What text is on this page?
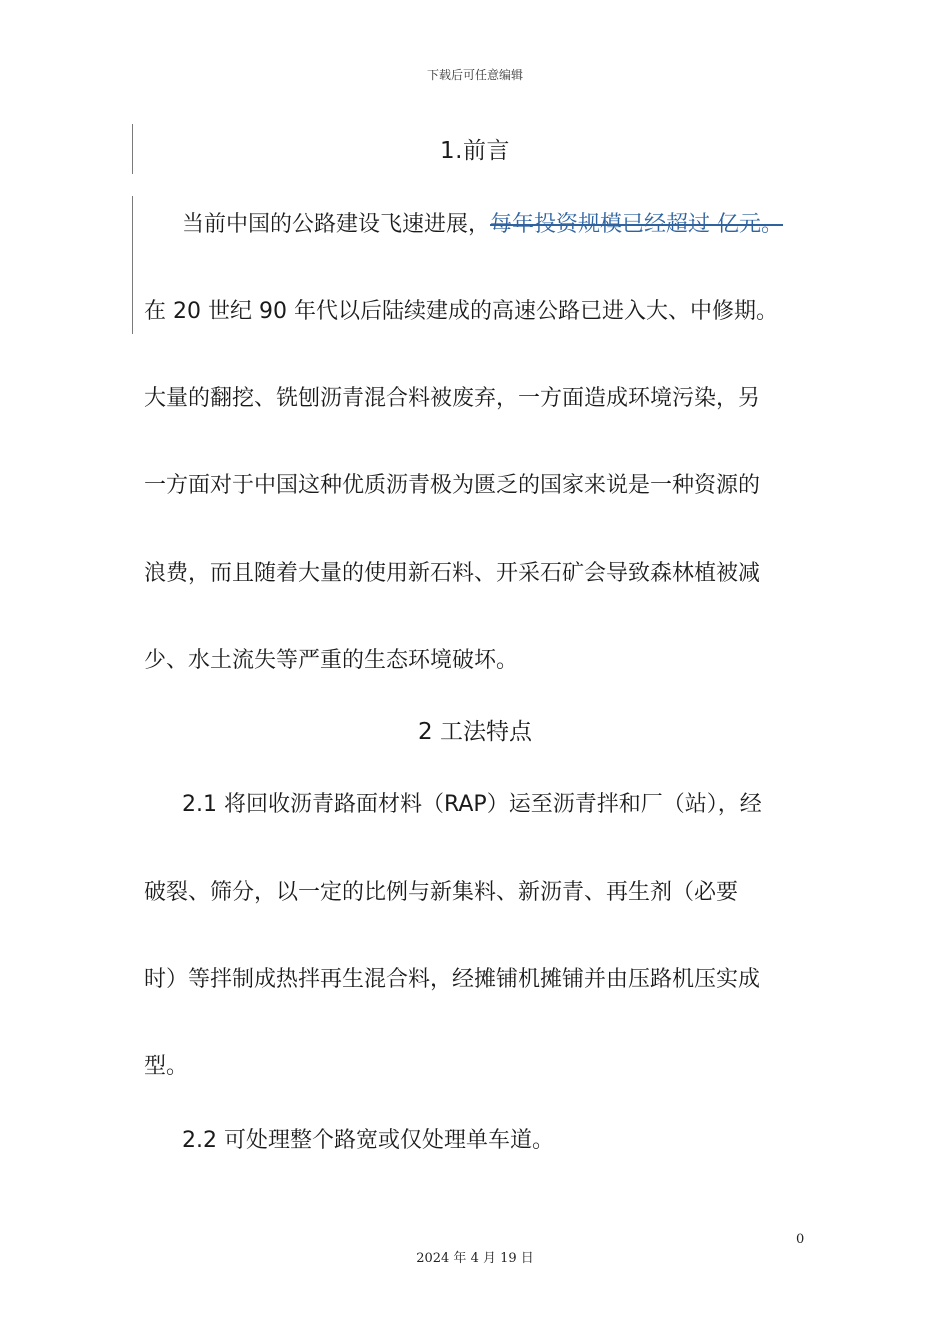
下载后可任意编辑
1.前言
当前中国的公路建设飞速进展，每年投资规模已经超过 亿元。
在 20 世纪 90 年代以后陆续建成的高速公路已进入大、中修期。
大量的翻挖、铣刨沥青混合料被废弃，一方面造成环境污染，另
一方面对于中国这种优质沥青极为匮乏的国家来说是一种资源的
浪费，而且随着大量的使用新石料、开采石矿会导致森林植被减
少、水土流失等严重的生态环境破坏。
2 工法特点
2.1 将回收沥青路面材料（RAP）运至沥青拌和厂（站），经
破裂、筛分，以一定的比例与新集料、新沥青、再生剂（必要
时）等拌制成热拌再生混合料，经摊铺机摊铺并由压路机压实成
型。
2.2 可处理整个路宽或仅处理单车道。
0
2024 年 4 月 19 日
